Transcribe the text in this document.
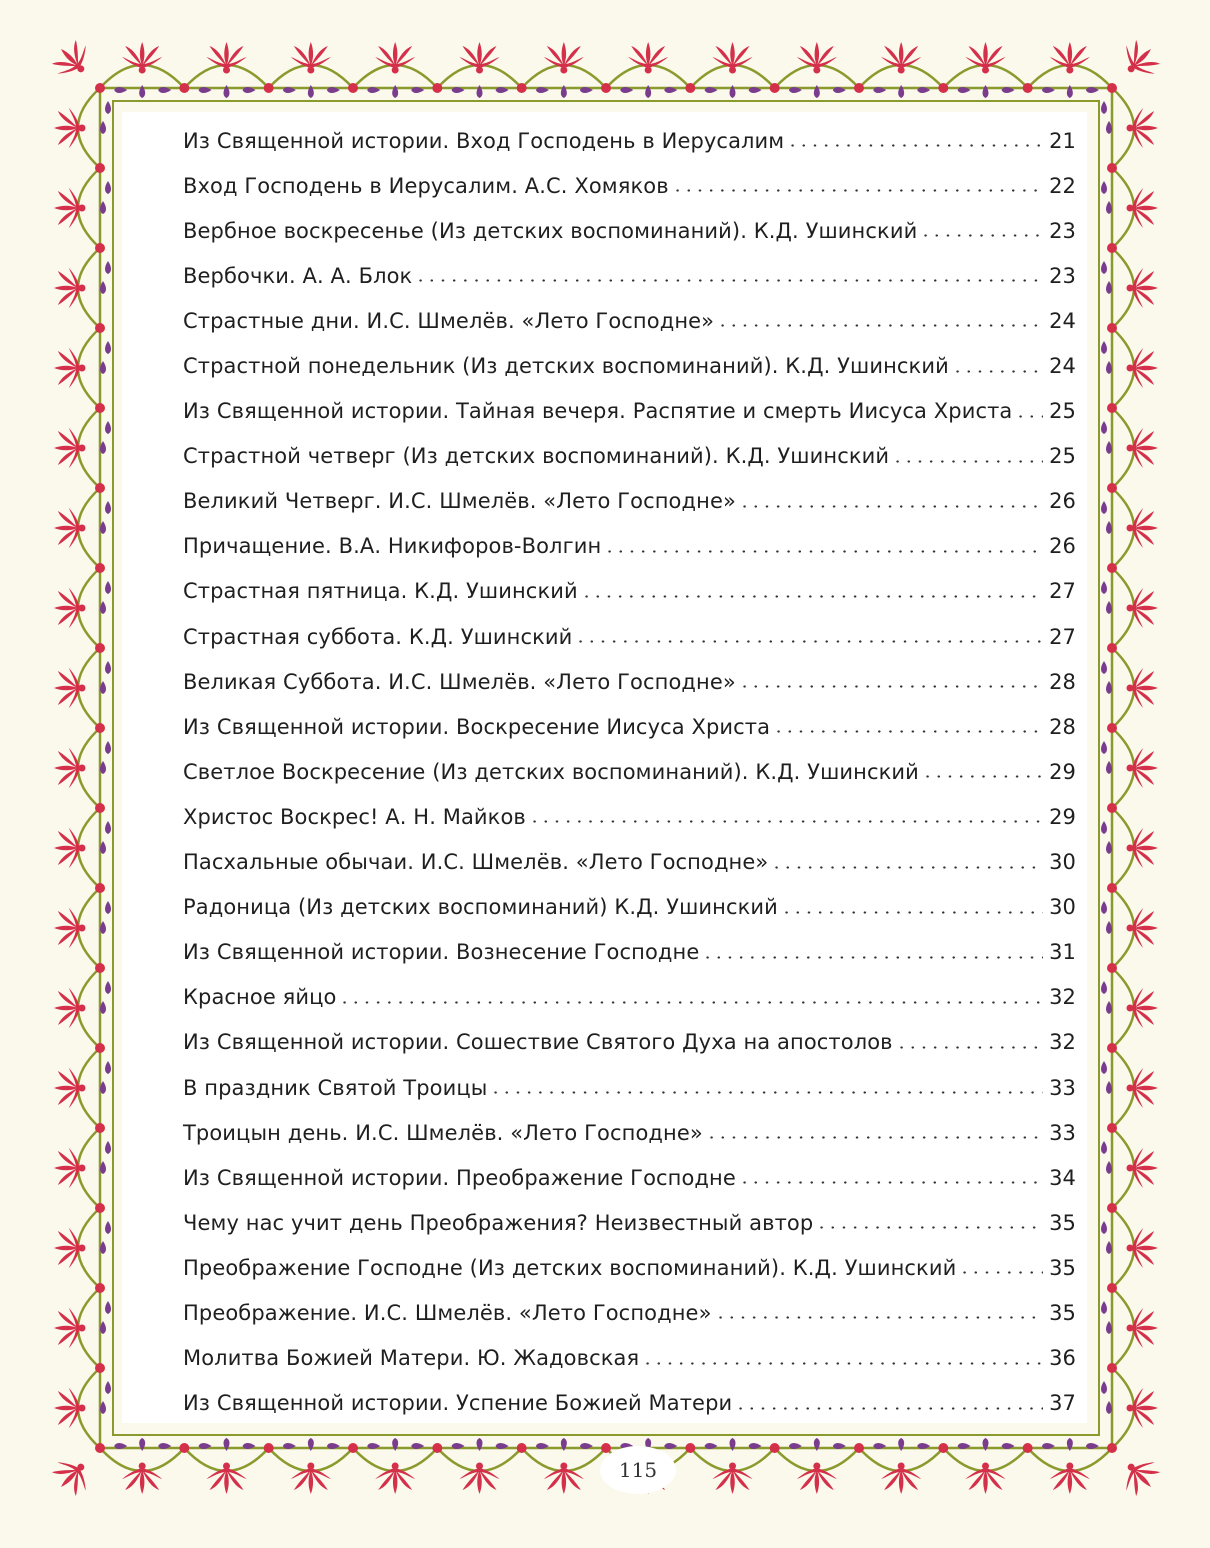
Из Священной истории. Вход Господень в Иерусалим	21
Вход Господень в Иерусалим. А.С. Хомяков	22
Вербное воскресенье (Из детских воспоминаний). К.Д. Ушинский	23
Вербочки. А. А. Блок	23
Страстные дни. И.С. Шмелёв. «Лето Господне»	24
Страстной понедельник (Из детских воспоминаний). К.Д. Ушинский	24
Из Священной истории. Тайная вечеря. Распятие и смерть Иисуса Христа 25
Страстной четверг (Из детских воспоминаний). К.Д. Ушинский	25
Великий Четверг. И.С. Шмелёв. «Лето Господне»	26
Причащение. В.А. Никифоров-Волгин	26
Страстная пятница. К.Д. Ушинский	27
Страстная суббота. К.Д. Ушинский	27
Великая Суббота. И.С. Шмелёв. «Лето Господне»	28
Из Священной истории. Воскресение Иисуса Христа	28
Светлое Воскресение (Из детских воспоминаний). К.Д. Ушинский	29
Христос Воскрес! А. Н. Майков	29
Пасхальные обычаи. И.С. Шмелёв. «Лето Господне»	30
Радоница (Из детских воспоминаний) К.Д. Ушинский	30
Из Священной истории. Вознесение Господне	31
Красное яйцо	32
Из Священной истории. Сошествие Святого Духа на апостолов	32
В праздник Святой Троицы	33
Троицын день. И.С. Шмелёв. «Лето Господне»	33
Из Священной истории. Преображение Господне	34
Чему нас учит день Преображения? Неизвестный автор	35
Преображение Господне (Из детских воспоминаний). К.Д. Ушинский	35
Преображение. И.С. Шмелёв. «Лето Господне»	35
Молитва Божией Матери. Ю. Жадовская	36
Из Священной истории. Успение Божией Матери	37
115
